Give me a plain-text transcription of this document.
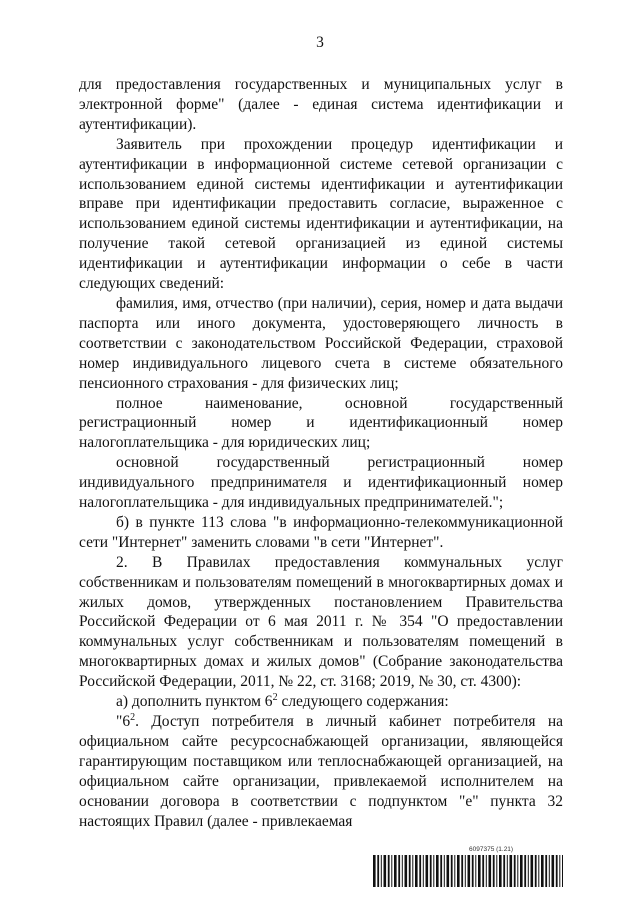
3

для предоставления государственных и муниципальных услуг в электронной форме" (далее - единая система идентификации и аутентификации).

Заявитель при прохождении процедур идентификации и аутентификации в информационной системе сетевой организации с использованием единой системы идентификации и аутентификации вправе при идентификации предоставить согласие, выраженное с использованием единой системы идентификации и аутентификации, на получение такой сетевой организацией из единой системы идентификации и аутентификации информации о себе в части следующих сведений:

фамилия, имя, отчество (при наличии), серия, номер и дата выдачи паспорта или иного документа, удостоверяющего личность в соответствии с законодательством Российской Федерации, страховой номер индивидуального лицевого счета в системе обязательного пенсионного страхования - для физических лиц;

полное наименование, основной государственный регистрационный номер и идентификационный номер налогоплательщика - для юридических лиц;

основной государственный регистрационный номер индивидуального предпринимателя и идентификационный номер налогоплательщика - для индивидуальных предпринимателей.";

б) в пункте 113 слова "в информационно-телекоммуникационной сети "Интернет" заменить словами "в сети "Интернет".

2. В Правилах предоставления коммунальных услуг собственникам и пользователям помещений в многоквартирных домах и жилых домов, утвержденных постановлением Правительства Российской Федерации от 6 мая 2011 г. № 354 "О предоставлении коммунальных услуг собственникам и пользователям помещений в многоквартирных домах и жилых домов" (Собрание законодательства Российской Федерации, 2011, № 22, ст. 3168; 2019, № 30, ст. 4300):

а) дополнить пунктом $6^2$ следующего содержания:

"$6^2$. Доступ потребителя в личный кабинет потребителя на официальном сайте ресурсоснабжающей организации, являющейся гарантирующим поставщиком или теплоснабжающей организацией, на официальном сайте организации, привлекаемой исполнителем на основании договора в соответствии с подпунктом "е" пункта 32 настоящих Правил (далее - привлекаемая

6097375 (1.21)
